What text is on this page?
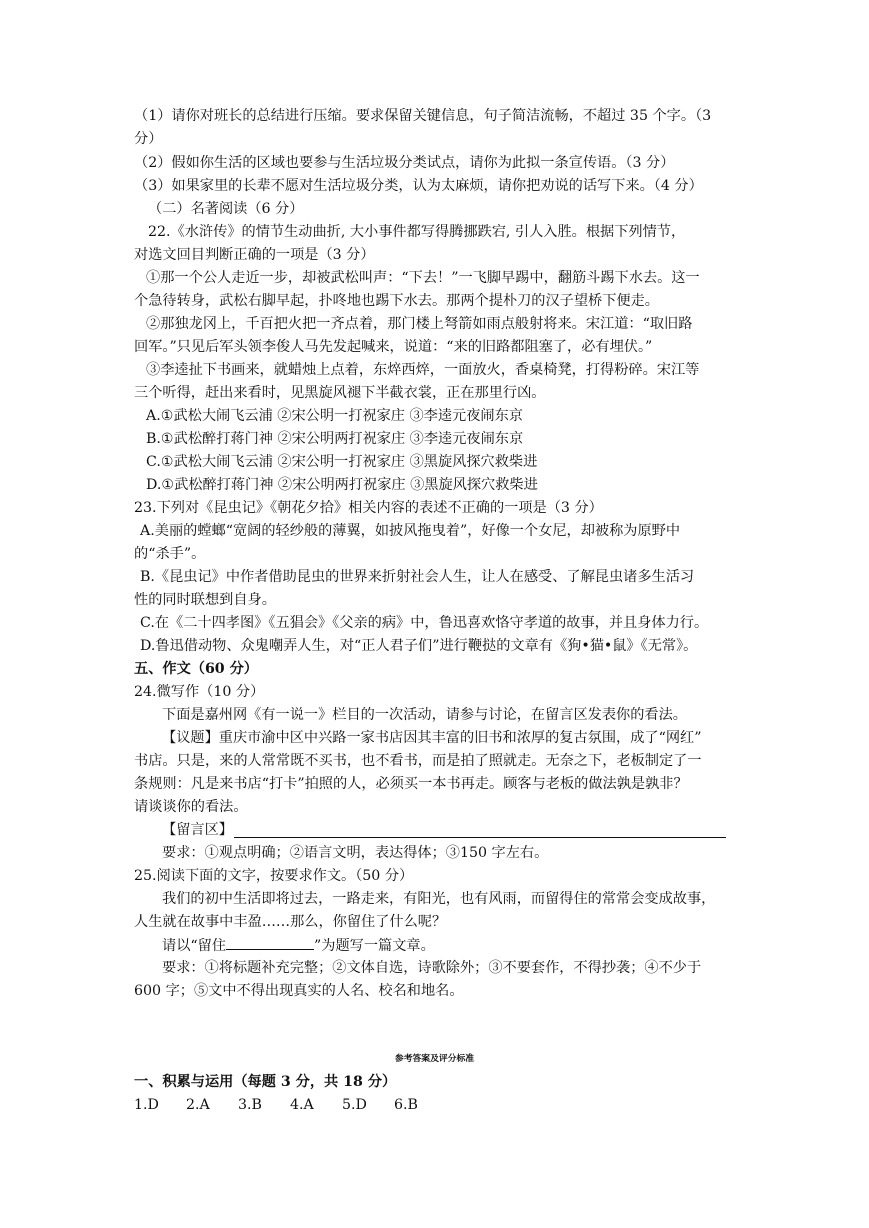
（1）请你对班长的总结进行压缩。要求保留关键信息，句子简洁流畅，不超过 35 个字。（3
分）
（2）假如你生活的区域也要参与生活垃圾分类试点，请你为此拟一条宣传语。（3 分）
（3）如果家里的长辈不愿对生活垃圾分类，认为太麻烦，请你把劝说的话写下来。（4 分）
（二）名著阅读（6 分）
22.《水浒传》的情节生动曲折, 大小事件都写得腾挪跌宕, 引人入胜。根据下列情节，
对选文回目判断正确的一项是（3 分）
①那一个公人走近一步，却被武松叫声：“下去！”一飞脚早踢中，翻筋斗踢下水去。这一
个急待转身，武松右脚早起，扑咚地也踢下水去。那两个提朴刀的汉子望桥下便走。
②那独龙冈上，千百把火把一齐点着，那门楼上弩箭如雨点般射将来。宋江道：“取旧路
回军。”只见后军头领李俊人马先发起喊来，说道：“来的旧路都阻塞了，必有埋伏。”
③李逵扯下书画来，就蜡烛上点着，东焠西焠，一面放火，香桌椅凳，打得粉碎。宋江等
三个听得，赶出来看时，见黑旋风褪下半截衣裳，正在那里行凶。
A.①武松大闹飞云浦 ②宋公明一打祝家庄 ③李逵元夜闹东京
B.①武松醉打蒋门神 ②宋公明两打祝家庄 ③李逵元夜闹东京
C.①武松大闹飞云浦 ②宋公明一打祝家庄 ③黑旋风探穴救柴进
D.①武松醉打蒋门神 ②宋公明两打祝家庄 ③黑旋风探穴救柴进
23.下列对《昆虫记》《朝花夕拾》相关内容的表述不正确的一项是（3 分）
A.美丽的螳螂“宽阔的轻纱般的薄翼，如披风拖曳着”，好像一个女尼，却被称为原野中
的“杀手”。
B.《昆虫记》中作者借助昆虫的世界来折射社会人生，让人在感受、了解昆虫诸多生活习
性的同时联想到自身。
C.在《二十四孝图》《五猖会》《父亲的病》中，鲁迅喜欢恪守孝道的故事，并且身体力行。
D.鲁迅借动物、众鬼嘲弄人生，对“正人君子们”进行鞭挞的文章有《狗•猫•鼠》《无常》。
五、作文（60 分）
24.微写作（10 分）
下面是嘉州网《有一说一》栏目的一次活动，请参与讨论，在留言区发表你的看法。
【议题】重庆市渝中区中兴路一家书店因其丰富的旧书和浓厚的复古氛围，成了“网红”
书店。只是，来的人常常既不买书，也不看书，而是拍了照就走。无奈之下，老板制定了一
条规则：凡是来书店“打卡”拍照的人，必须买一本书再走。顾客与老板的做法孰是孰非？
请谈谈你的看法。
【留言区】
要求：①观点明确；②语言文明，表达得体；③150 字左右。
25.阅读下面的文字，按要求作文。（50 分）
我们的初中生活即将过去，一路走来，有阳光，也有风雨，而留得住的常常会变成故事，
人生就在故事中丰盈……那么，你留住了什么呢？
请以“留住	”为题写一篇文章。
要求：①将标题补充完整；②文体自选，诗歌除外；③不要套作，不得抄袭；④不少于
600 字；⑤文中不得出现真实的人名、校名和地名。
参考答案及评分标准
一、积累与运用（每题 3 分，共 18 分）
1.D 2.A 3.B 4.A 5.D 6.B
